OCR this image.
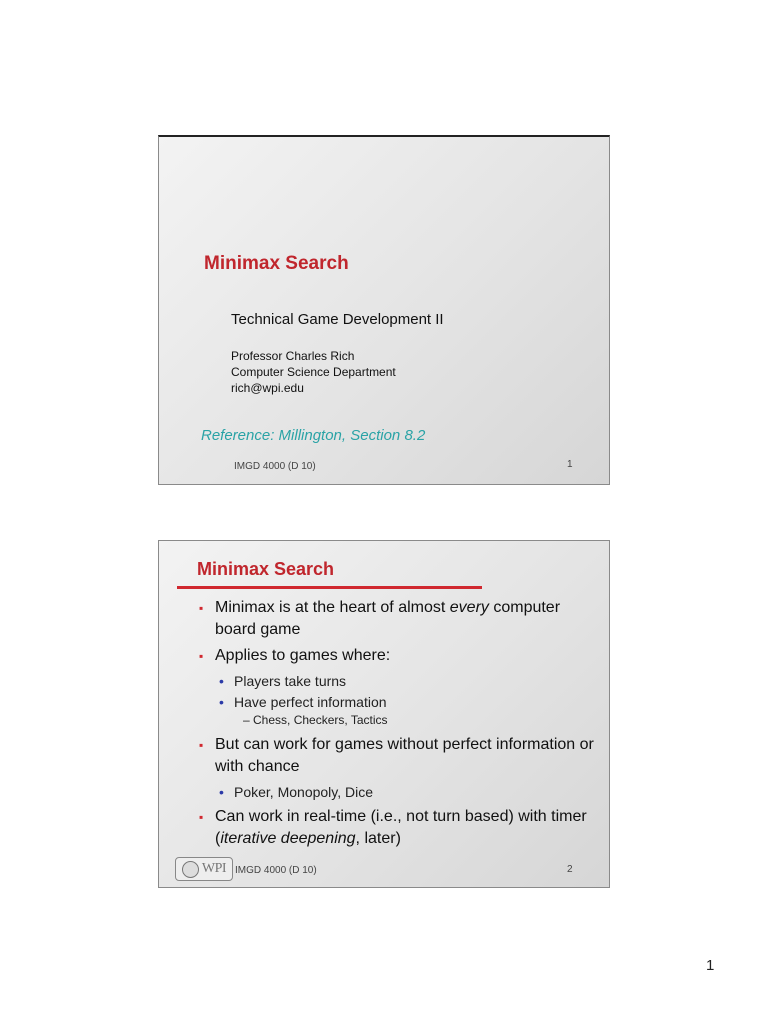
Minimax Search
Technical Game Development II
Professor Charles Rich
Computer Science Department
rich@wpi.edu
Reference: Millington, Section 8.2
IMGD 4000 (D 10)	1
Minimax Search
▪ Minimax is at the heart of almost every computer board game
▪ Applies to games where:
• Players take turns
• Have perfect information
– Chess, Checkers, Tactics
▪ But can work for games without perfect information or with chance
• Poker, Monopoly, Dice
▪ Can work in real-time (i.e., not turn based) with timer (iterative deepening, later)
WPI IMGD 4000 (D 10)	2
1
